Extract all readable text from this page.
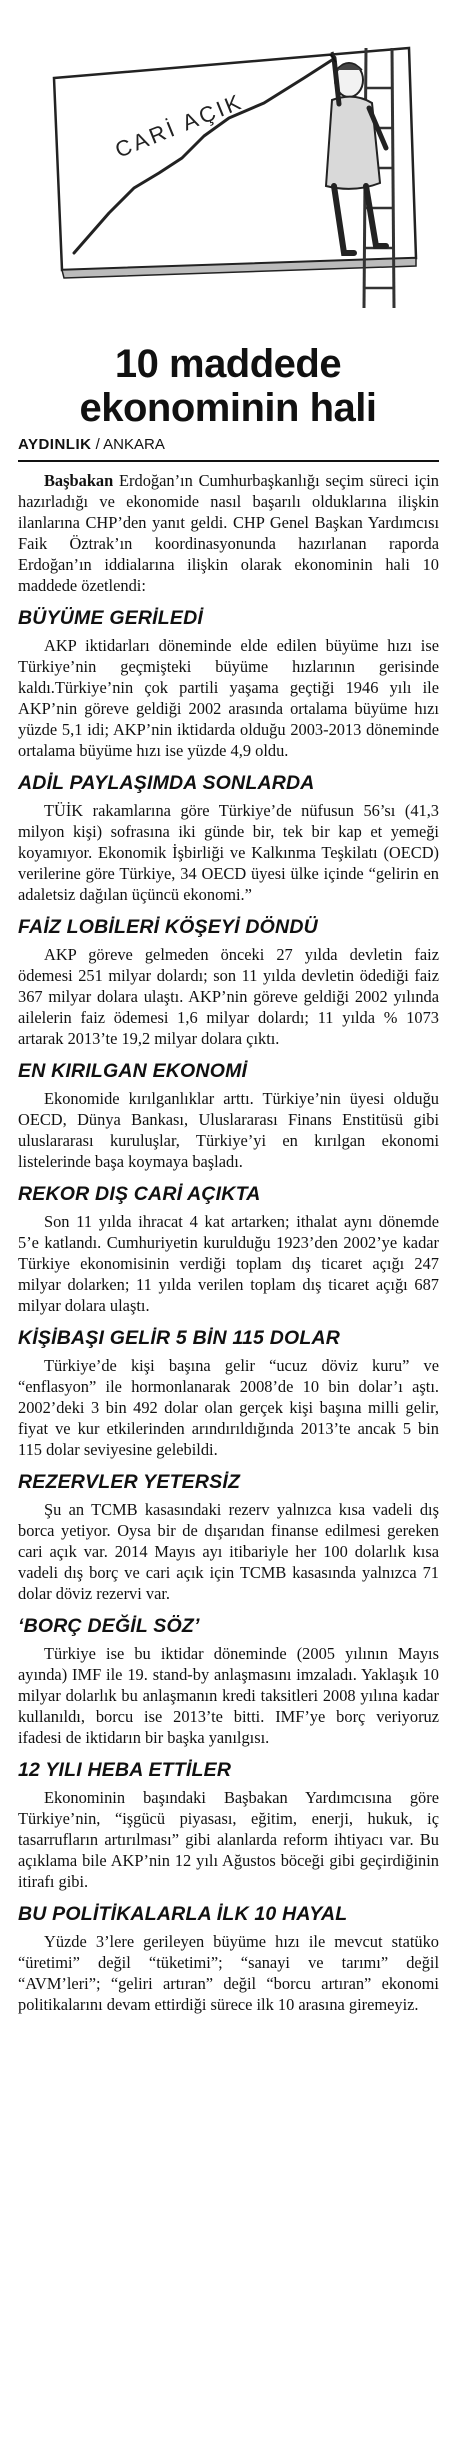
CARİ AÇIK
10 maddede
ekonominin hali
AYDINLIK / ANKARA

Başbakan Erdoğan’ın Cumhurbaşkanlığı seçim süreci için hazırladığı ve ekonomide nasıl başarılı olduklarına ilişkin ilanlarına CHP’den yanıt geldi. CHP Genel Başkan Yardımcısı Faik Öztrak’ın koordinasyonunda hazırlanan raporda Erdoğan’ın iddialarına ilişkin olarak ekonominin hali 10 maddede özetlendi:

BÜYÜME GERİLEDİ

AKP iktidarları döneminde elde edilen büyüme hızı ise Türkiye’nin geçmişteki büyüme hızlarının gerisinde kaldı.Türkiye’nin çok partili yaşama geçtiği 1946 yılı ile AKP’nin göreve geldiği 2002 arasında ortalama büyüme hızı yüzde 5,1 idi; AKP’nin iktidarda olduğu 2003-2013 döneminde ortalama büyüme hızı ise yüzde 4,9 oldu.

ADİL PAYLAŞIMDA SONLARDA

TÜİK rakamlarına göre Türkiye’de nüfusun 56’sı (41,3 milyon kişi) sofrasına iki günde bir, tek bir kap et yemeği koyamıyor. Ekonomik İşbirliği ve Kalkınma Teşkilatı (OECD) verilerine göre Türkiye, 34 OECD üyesi ülke içinde “gelirin en adaletsiz dağılan üçüncü ekonomi.”

FAİZ LOBİLERİ KÖŞEYİ DÖNDÜ

AKP göreve gelmeden önceki 27 yılda devletin faiz ödemesi 251 milyar dolardı; son 11 yılda devletin ödediği faiz 367 milyar dolara ulaştı. AKP’nin göreve geldiği 2002 yılında ailelerin faiz ödemesi 1,6 milyar dolardı; 11 yılda % 1073 artarak 2013’te 19,2 milyar dolara çıktı.

EN KIRILGAN EKONOMİ

Ekonomide kırılganlıklar arttı. Türkiye’nin üyesi olduğu OECD, Dünya Bankası, Uluslararası Finans Enstitüsü gibi uluslararası kuruluşlar, Türkiye’yi en kırılgan ekonomi listelerinde başa koymaya başladı.

REKOR DIŞ CARİ AÇIKTA

Son 11 yılda ihracat 4 kat artarken; ithalat aynı dönemde 5’e katlandı. Cumhuriyetin kurulduğu 1923’den 2002’ye kadar Türkiye ekonomisinin verdiği toplam dış ticaret açığı 247 milyar dolarken; 11 yılda verilen toplam dış ticaret açığı 687 milyar dolara ulaştı.

KİŞİBAŞI GELİR 5 BİN 115 DOLAR

Türkiye’de kişi başına gelir “ucuz döviz kuru” ve “enflasyon” ile hormonlanarak 2008’de 10 bin dolar’ı aştı. 2002’deki 3 bin 492 dolar olan gerçek kişi başına milli gelir, fiyat ve kur etkilerinden arındırıldığında 2013’te ancak 5 bin 115 dolar seviyesine gelebildi.

REZERVLER YETERSİZ

Şu an TCMB kasasındaki rezerv yalnızca kısa vadeli dış borca yetiyor. Oysa bir de dışarıdan finanse edilmesi gereken cari açık var. 2014 Mayıs ayı itibariyle her 100 dolarlık kısa vadeli dış borç ve cari açık için TCMB kasasında yalnızca 71 dolar döviz rezervi var.

‘BORÇ DEĞİL SÖZ’

Türkiye ise bu iktidar döneminde (2005 yılının Mayıs ayında) IMF ile 19. stand-by anlaşmasını imzaladı. Yaklaşık 10 milyar dolarlık bu anlaşmanın kredi taksitleri 2008 yılına kadar kullanıldı, borcu ise 2013’te bitti. IMF’ye borç veriyoruz ifadesi de iktidarın bir başka yanılgısı.

12 YILI HEBA ETTİLER

Ekonominin başındaki Başbakan Yardımcısına göre Türkiye’nin, “işgücü piyasası, eğitim, enerji, hukuk, iç tasarrufların artırılması” gibi alanlarda reform ihtiyacı var. Bu açıklama bile AKP’nin 12 yılı Ağustos böceği gibi geçirdiğinin itirafı gibi.

BU POLİTİKALARLA İLK 10 HAYAL

Yüzde 3’lere gerileyen büyüme hızı ile mevcut statüko “üretimi” değil “tüketimi”; “sanayi ve tarımı” değil “AVM’leri”; “geliri artıran” değil “borcu artıran” ekonomi politikalarını devam ettirdiği sürece ilk 10 arasına giremeyiz.
